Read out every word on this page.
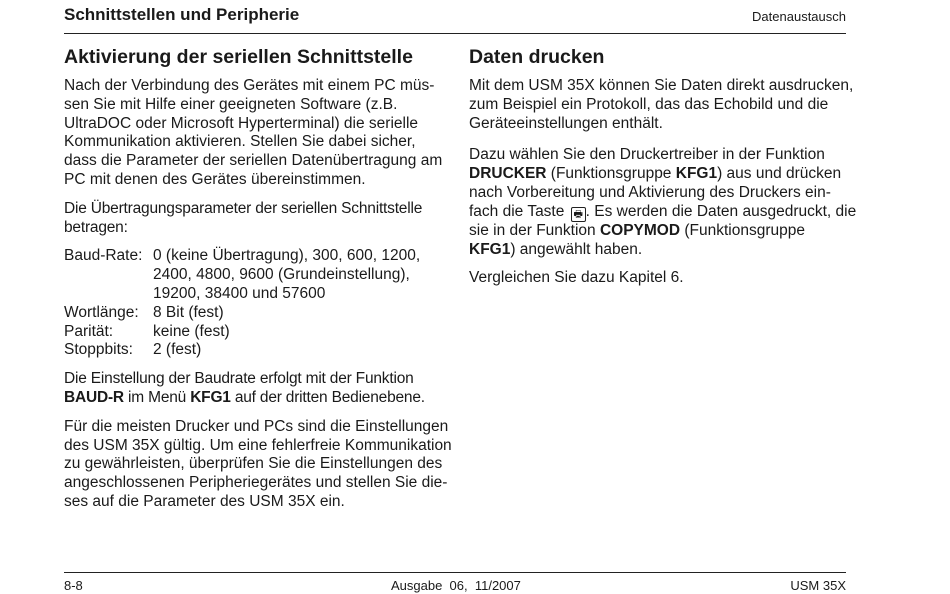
Schnittstellen und Peripherie	Datenaustausch
Aktivierung der seriellen Schnittstelle

Nach der Verbindung des Gerätes mit einem PC müs-
sen Sie mit Hilfe einer geeigneten Software (z.B.
UltraDOC oder Microsoft Hyperterminal) die serielle
Kommunikation aktivieren. Stellen Sie dabei sicher,
dass die Parameter der seriellen Datenübertragung am
PC mit denen des Gerätes übereinstimmen.

Die Übertragungsparameter der seriellen Schnittstelle
betragen:

Baud-Rate: 0 (keine Übertragung), 300, 600, 1200,
2400, 4800, 9600 (Grundeinstellung),
19200, 38400 und 57600
Wortlänge: 8 Bit (fest)
Parität:	keine (fest)
Stoppbits:	2 (fest)

Die Einstellung der Baudrate erfolgt mit der Funktion
BAUD-R im Menü KFG1 auf der dritten Bedienebene.

Für die meisten Drucker und PCs sind die Einstellungen
des USM 35X gültig. Um eine fehlerfreie Kommunikation
zu gewährleisten, überprüfen Sie die Einstellungen des
angeschlossenen Peripheriegerätes und stellen Sie die-
ses auf die Parameter des USM 35X ein.

Daten drucken

Mit dem USM 35X können Sie Daten direkt ausdrucken,
zum Beispiel ein Protokoll, das das Echobild und die
Geräteeinstellungen enthält.

Dazu wählen Sie den Druckertreiber in der Funktion
DRUCKER (Funktionsgruppe KFG1) aus und drücken
nach Vorbereitung und Aktivierung des Druckers ein-
fach die Taste 🖶 . Es werden die Daten ausgedruckt, die
sie in der Funktion COPYMOD (Funktionsgruppe
KFG1) angewählt haben.

Vergleichen Sie dazu Kapitel 6.

8-8	Ausgabe  06,  11/2007	USM 35X
